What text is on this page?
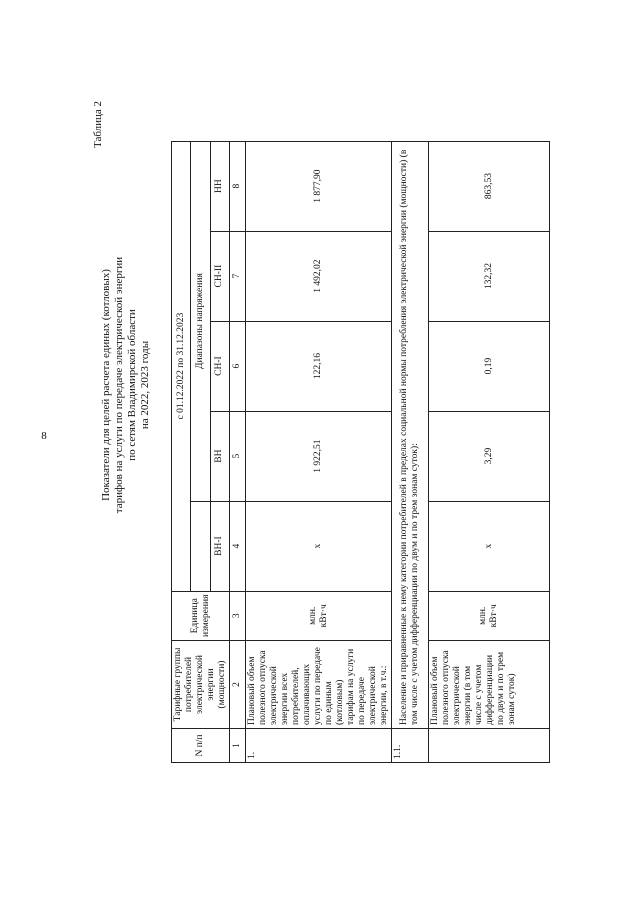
8
Таблица 2
Показатели для целей расчета единых (котловых) тарифов на услуги по передаче электрической энергии по сетям Владимирской области на 2022, 2023 годы
N п/п	Тарифные группы потребителей электрической энергии (мощности)	Единица измерения	с 01.12.2022 по 31.12.2023				
				Диапазоны напряжения			
			ВН-I	ВН	СН-I	СН-II	НН
1	2	3	4	5	6	7	8
1.	Плановый объем полезного отпуска электрической энергии всех потребителей, оплачивающих услуги по передаче по единым (котловым) тарифам на услуги по передаче электрической энергии, в т.ч.:	млн. кВт·ч	x	1 922,51	122,16	1 492,02	1 877,90
1.1.	Население и приравненные к нему категории потребителей в пределах социальной нормы потребления электрической энергии (мощности) (в том числе с учетом дифференциации по двум и по трем зонам суток):						
	Плановый объем полезного отпуска электрической энергии (в том числе с учетом дифференциации по двум и по трем зонам суток)	млн. кВт·ч	x	3,29	0,19	132,32	863,53
